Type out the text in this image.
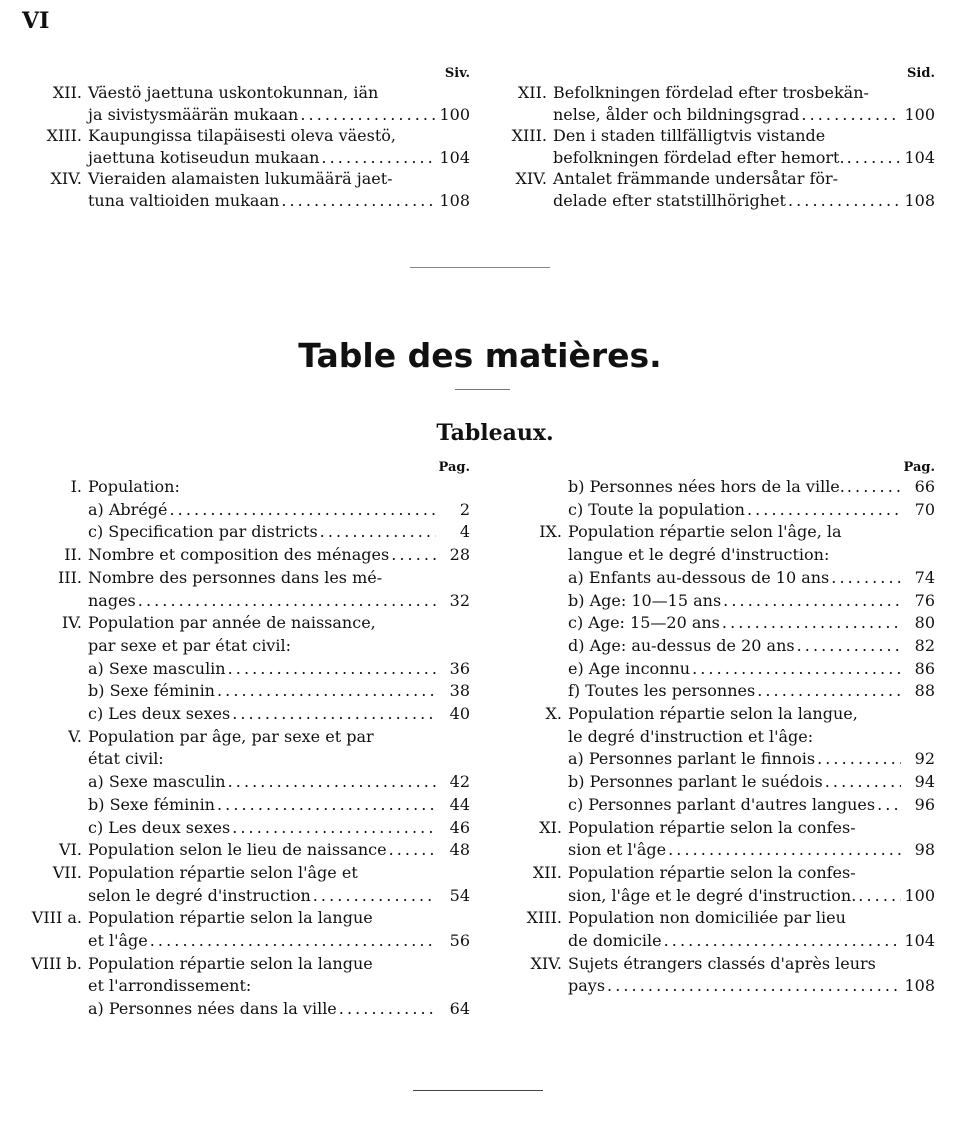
VI
Siv.
XII. Väestö jaettuna uskontokunnan, iän
ja sivistysmäärän mukaan . . .	100
XIII. Kaupungissa tilapäisesti oleva väestö,
jaettuna kotiseudun mukaan . . .	104
XIV. Vieraiden alamaisten lukumäärä jaet-
tuna valtioiden mukaan . . .	108
Sid.
XII. Befolkningen fördelad efter trosbekän-
nelse, ålder och bildningsgrad . . .	100
XIII. Den i staden tillfälligtvis vistande
befolkningen fördelad efter hemort. . . .	104
XIV. Antalet främmande undersåtar för-
delade efter statstillhörighet . . .	108
Table des matières.
Tableaux.
Pag.
I. Population:
a) Abrégé . . .	2
c) Specification par districts . . .	4
II. Nombre et composition des ménages . . .	28
III. Nombre des personnes dans les mé-
nages . . .	32
IV. Population par année de naissance,
par sexe et par état civil:
a) Sexe masculin . . .	36
b) Sexe féminin . . .	38
c) Les deux sexes . . .	40
V. Population par âge, par sexe et par
état civil:
a) Sexe masculin . . .	42
b) Sexe féminin . . .	44
c) Les deux sexes . . .	46
VI. Population selon le lieu de naissance . . .	48
VII. Population répartie selon l'âge et
selon le degré d'instruction . . .	54
VIII a. Population répartie selon la langue
et l'âge . . .	56
VIII b. Population répartie selon la langue
et l'arrondissement:
a) Personnes nées dans la ville . . .	64
Pag.
b) Personnes nées hors de la ville. . . .	66
c) Toute la population . . .	70
IX. Population répartie selon l'âge, la
langue et le degré d'instruction:
a) Enfants au-dessous de 10 ans . . .	74
b) Age: 10—15 ans . . .	76
c) Age: 15—20 ans . . .	80
d) Age: au-dessus de 20 ans . . .	82
e) Age inconnu . . .	86
f) Toutes les personnes . . .	88
X. Population répartie selon la langue,
le degré d'instruction et l'âge:
a) Personnes parlant le finnois . . .	92
b) Personnes parlant le suédois . . .	94
c) Personnes parlant d'autres langues . . .	96
XI. Population répartie selon la confes-
sion et l'âge . . .	98
XII. Population répartie selon la confes-
sion, l'âge et le degré d'instruction. . . .	100
XIII. Population non domiciliée par lieu
de domicile . . .	104
XIV. Sujets étrangers classés d'après leurs
pays . . .	108
